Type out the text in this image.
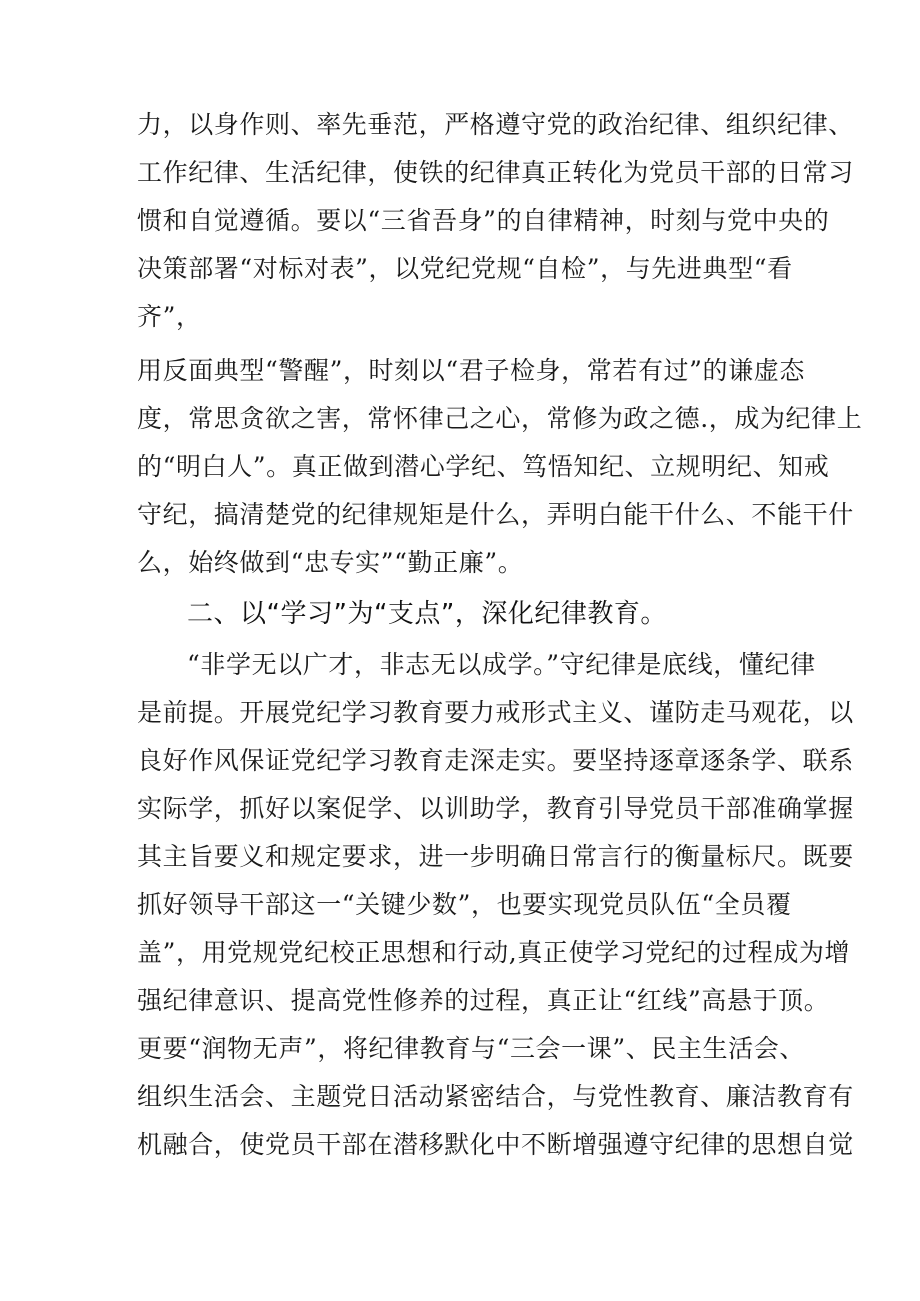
力，以身作则、率先垂范，严格遵守党的政治纪律、组织纪律、
工作纪律、生活纪律，使铁的纪律真正转化为党员干部的日常习
惯和自觉遵循。要以“三省吾身”的自律精神，时刻与党中央的
决策部署“对标对表”，以党纪党规“自检”，与先进典型“看
齐”，
用反面典型“警醒”，时刻以“君子检身，常若有过”的谦虚态
度，常思贪欲之害，常怀律己之心，常修为政之德.，成为纪律上
的“明白人”。真正做到潜心学纪、笃悟知纪、立规明纪、知戒
守纪，搞清楚党的纪律规矩是什么，弄明白能干什么、不能干什
么，始终做到“忠专实”“勤正廉”。
二、以“学习”为“支点”，深化纪律教育。
“非学无以广才，非志无以成学。”守纪律是底线，懂纪律
是前提。开展党纪学习教育要力戒形式主义、谨防走马观花，以
良好作风保证党纪学习教育走深走实。要坚持逐章逐条学、联系
实际学，抓好以案促学、以训助学，教育引导党员干部准确掌握
其主旨要义和规定要求，进一步明确日常言行的衡量标尺。既要
抓好领导干部这一“关键少数”，也要实现党员队伍“全员覆
盖”，用党规党纪校正思想和行动,真正使学习党纪的过程成为增
强纪律意识、提高党性修养的过程，真正让“红线”高悬于顶。
更要“润物无声”，将纪律教育与“三会一课”、民主生活会、
组织生活会、主题党日活动紧密结合，与党性教育、廉洁教育有
机融合，使党员干部在潜移默化中不断增强遵守纪律的思想自觉
